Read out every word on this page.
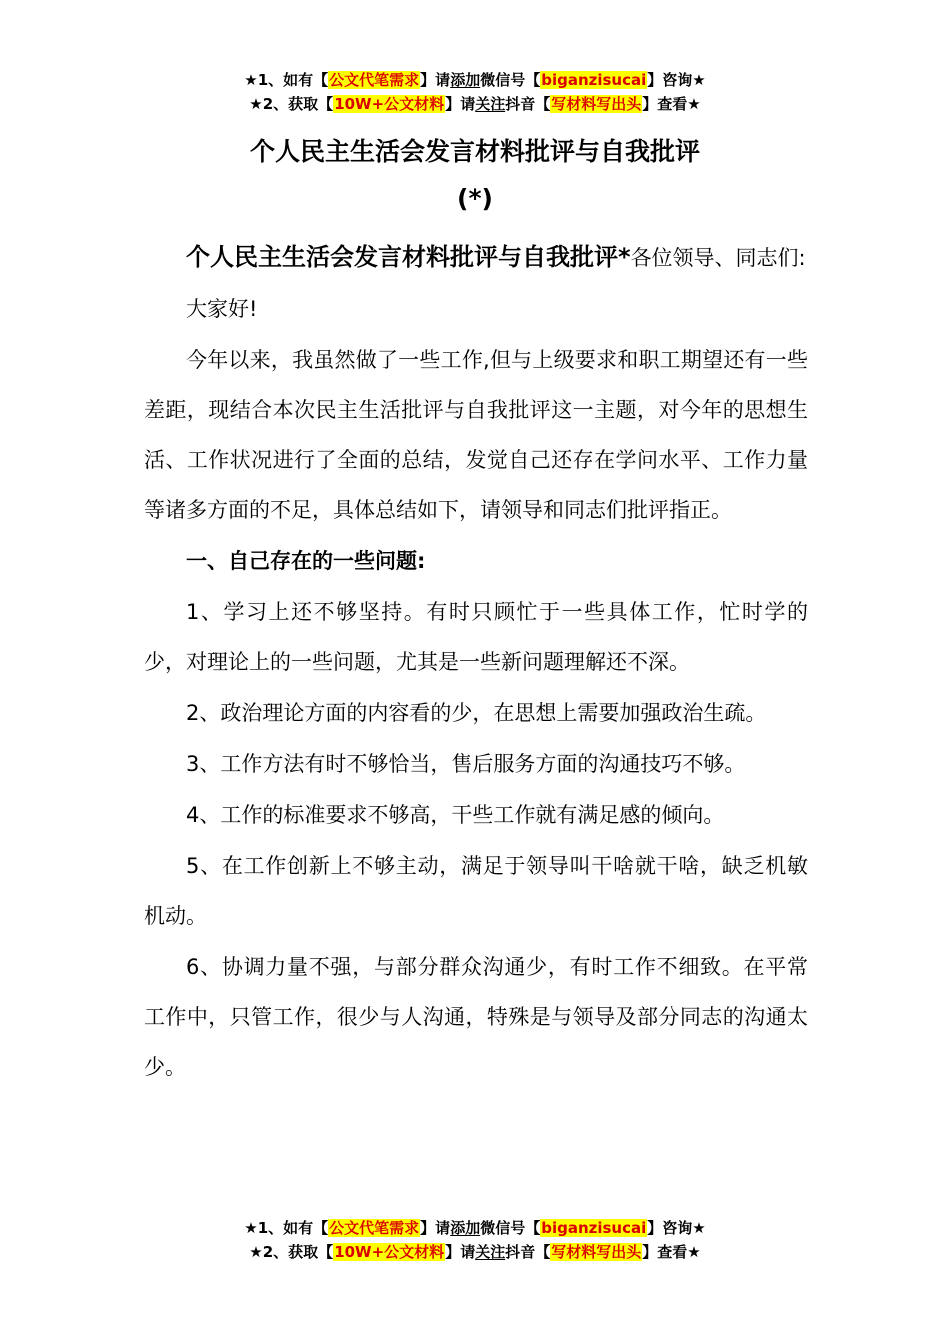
★1、如有【公文代笔需求】请添加微信号【biganzisucai】咨询★
★2、获取【10W+公文材料】请关注抖音【写材料写出头】查看★
个人民主生活会发言材料批评与自我批评
(*)

个人民主生活会发言材料批评与自我批评*各位领导、同志们:

大家好!

今年以来，我虽然做了一些工作,但与上级要求和职工期望还有一些差距，现结合本次民主生活批评与自我批评这一主题，对今年的思想生活、工作状况进行了全面的总结，发觉自己还存在学问水平、工作力量等诸多方面的不足，具体总结如下，请领导和同志们批评指正。

一、自己存在的一些问题:

1、学习上还不够坚持。有时只顾忙于一些具体工作，忙时学的少，对理论上的一些问题，尤其是一些新问题理解还不深。

2、政治理论方面的内容看的少，在思想上需要加强政治生疏。

3、工作方法有时不够恰当，售后服务方面的沟通技巧不够。

4、工作的标准要求不够高，干些工作就有满足感的倾向。

5、在工作创新上不够主动，满足于领导叫干啥就干啥，缺乏机敏机动。

6、协调力量不强，与部分群众沟通少，有时工作不细致。在平常工作中，只管工作，很少与人沟通，特殊是与领导及部分同志的沟通太少。

★1、如有【公文代笔需求】请添加微信号【biganzisucai】咨询★
★2、获取【10W+公文材料】请关注抖音【写材料写出头】查看★
